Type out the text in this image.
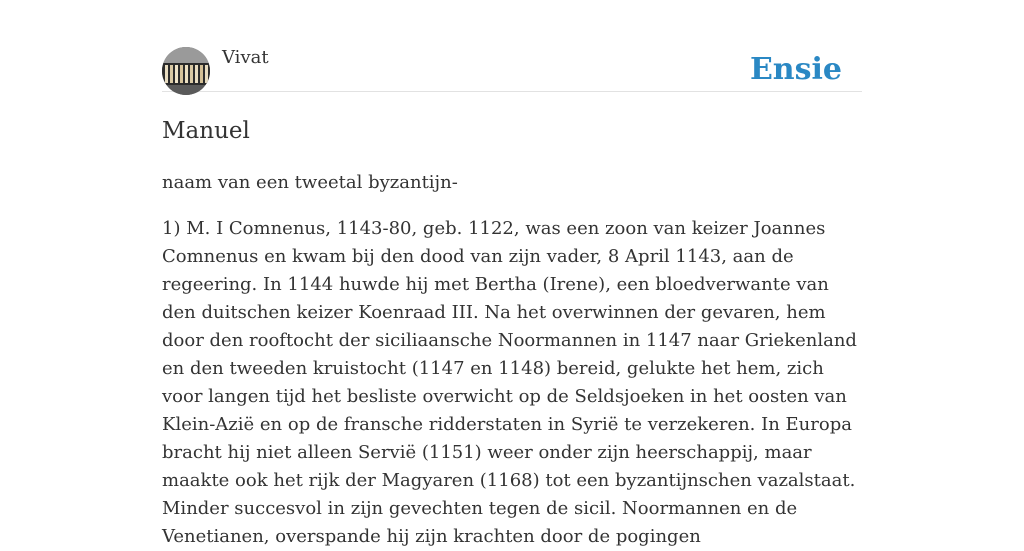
Vivat	Ensie
Manuel

naam van een tweetal byzantijn-

1) M. I Comnenus, 1143-80, geb. 1122, was een zoon van keizer Joannes Comnenus en kwam bij den dood van zijn vader, 8 April 1143, aan de regeering. In 1144 huwde hij met Bertha (Irene), een bloedverwante van den duitschen keizer Koenraad III. Na het overwinnen der gevaren, hem door den rooftocht der siciliaansche Noormannen in 1147 naar Griekenland en den tweeden kruistocht (1147 en 1148) bereid, gelukte het hem, zich voor langen tijd het besliste overwicht op de Seldsjoeken in het oosten van Klein-Azië en op de fransche ridderstaten in Syrië te verzekeren. In Europa bracht hij niet alleen Servië (1151) weer onder zijn heerschappij, maar maakte ook het rijk der Magyaren (1168) tot een byzantijnschen vazalstaat. Minder succesvol in zijn gevechten tegen de sicil. Noormannen en de Venetianen, overspande hij zijn krachten door de pogingen
